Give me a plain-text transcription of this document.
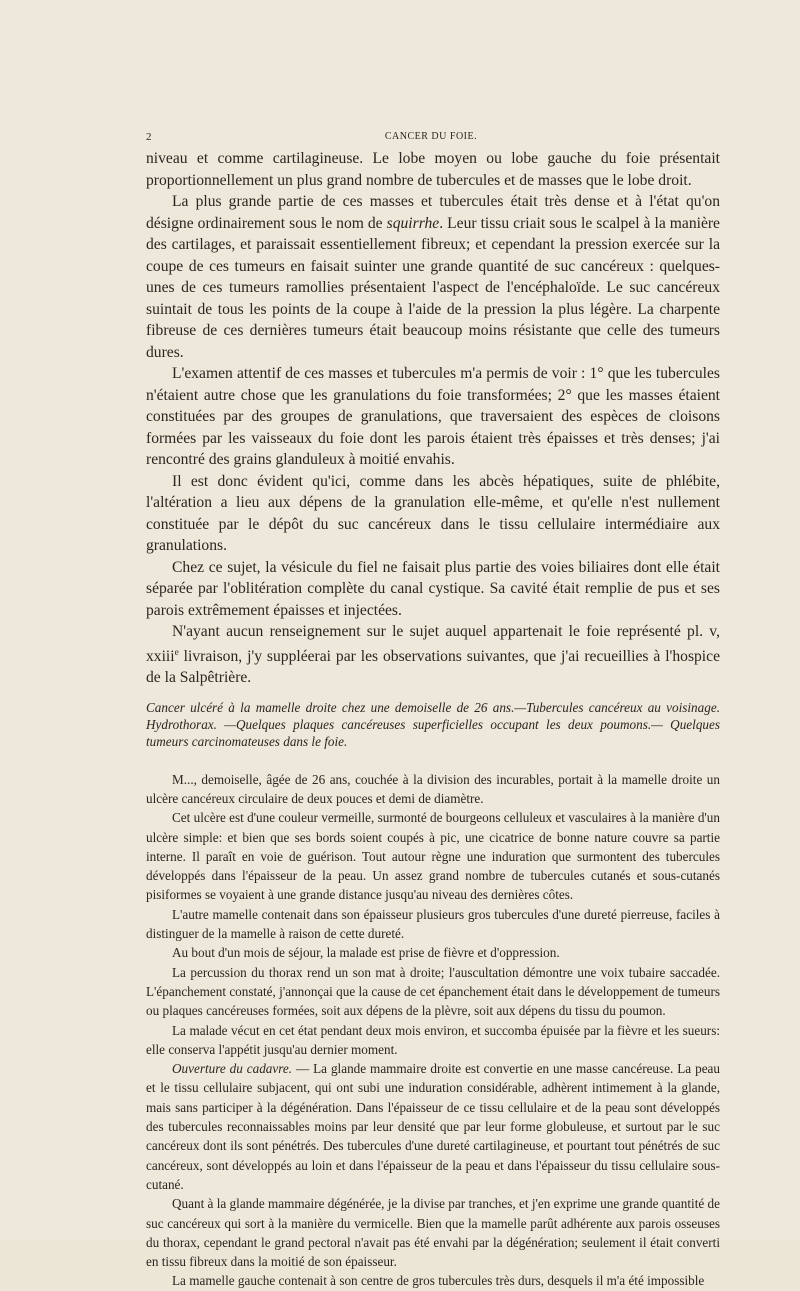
2	CANCER DU FOIE.

niveau et comme cartilagineuse. Le lobe moyen ou lobe gauche du foie présentait proportionnellement un plus grand nombre de tubercules et de masses que le lobe droit.

La plus grande partie de ces masses et tubercules était très dense et à l'état qu'on désigne ordinairement sous le nom de squirrhe. Leur tissu criait sous le scalpel à la manière des cartilages, et paraissait essentiellement fibreux; et cependant la pression exercée sur la coupe de ces tumeurs en faisait suinter une grande quantité de suc cancéreux : quelques-unes de ces tumeurs ramollies présentaient l'aspect de l'encéphaloïde. Le suc cancéreux suintait de tous les points de la coupe à l'aide de la pression la plus légère. La charpente fibreuse de ces dernières tumeurs était beaucoup moins résistante que celle des tumeurs dures.

L'examen attentif de ces masses et tubercules m'a permis de voir : 1° que les tubercules n'étaient autre chose que les granulations du foie transformées; 2° que les masses étaient constituées par des groupes de granulations, que traversaient des espèces de cloisons formées par les vaisseaux du foie dont les parois étaient très épaisses et très denses; j'ai rencontré des grains glanduleux à moitié envahis.

Il est donc évident qu'ici, comme dans les abcès hépatiques, suite de phlébite, l'altération a lieu aux dépens de la granulation elle-même, et qu'elle n'est nullement constituée par le dépôt du suc cancéreux dans le tissu cellulaire intermédiaire aux granulations.

Chez ce sujet, la vésicule du fiel ne faisait plus partie des voies biliaires dont elle était séparée par l'oblitération complète du canal cystique. Sa cavité était remplie de pus et ses parois extrêmement épaisses et injectées.

N'ayant aucun renseignement sur le sujet auquel appartenait le foie représenté pl. v, xxiii$^e$ livraison, j'y suppléerai par les observations suivantes, que j'ai recueillies à l'hospice de la Salpêtrière.

Cancer ulcéré à la mamelle droite chez une demoiselle de 26 ans.—Tubercules cancéreux au voisinage. Hydrothorax. —Quelques plaques cancéreuses superficielles occupant les deux poumons.— Quelques tumeurs carcinomateuses dans le foie.

M..., demoiselle, âgée de 26 ans, couchée à la division des incurables, portait à la mamelle droite un ulcère cancéreux circulaire de deux pouces et demi de diamètre.

Cet ulcère est d'une couleur vermeille, surmonté de bourgeons celluleux et vasculaires à la manière d'un ulcère simple: et bien que ses bords soient coupés à pic, une cicatrice de bonne nature couvre sa partie interne. Il paraît en voie de guérison. Tout autour règne une induration que surmontent des tubercules développés dans l'épaisseur de la peau. Un assez grand nombre de tubercules cutanés et sous-cutanés pisiformes se voyaient à une grande distance jusqu'au niveau des dernières côtes.

L'autre mamelle contenait dans son épaisseur plusieurs gros tubercules d'une dureté pierreuse, faciles à distinguer de la mamelle à raison de cette dureté.

Au bout d'un mois de séjour, la malade est prise de fièvre et d'oppression.

La percussion du thorax rend un son mat à droite; l'auscultation démontre une voix tubaire saccadée. L'épanchement constaté, j'annonçai que la cause de cet épanchement était dans le développement de tumeurs ou plaques cancéreuses formées, soit aux dépens de la plèvre, soit aux dépens du tissu du poumon.

La malade vécut en cet état pendant deux mois environ, et succomba épuisée par la fièvre et les sueurs: elle conserva l'appétit jusqu'au dernier moment.

Ouverture du cadavre. — La glande mammaire droite est convertie en une masse cancéreuse. La peau et le tissu cellulaire subjacent, qui ont subi une induration considérable, adhèrent intimement à la glande, mais sans participer à la dégénération. Dans l'épaisseur de ce tissu cellulaire et de la peau sont développés des tubercules reconnaissables moins par leur densité que par leur forme globuleuse, et surtout par le suc cancéreux dont ils sont pénétrés. Des tubercules d'une dureté cartilagineuse, et pourtant tout pénétrés de suc cancéreux, sont développés au loin et dans l'épaisseur de la peau et dans l'épaisseur du tissu cellulaire sous-cutané.

Quant à la glande mammaire dégénérée, je la divise par tranches, et j'en exprime une grande quantité de suc cancéreux qui sort à la manière du vermicelle. Bien que la mamelle parût adhérente aux parois osseuses du thorax, cependant le grand pectoral n'avait pas été envahi par la dégénération; seulement il était converti en tissu fibreux dans la moitié de son épaisseur.

La mamelle gauche contenait à son centre de gros tubercules très durs, desquels il m'a été impossible
